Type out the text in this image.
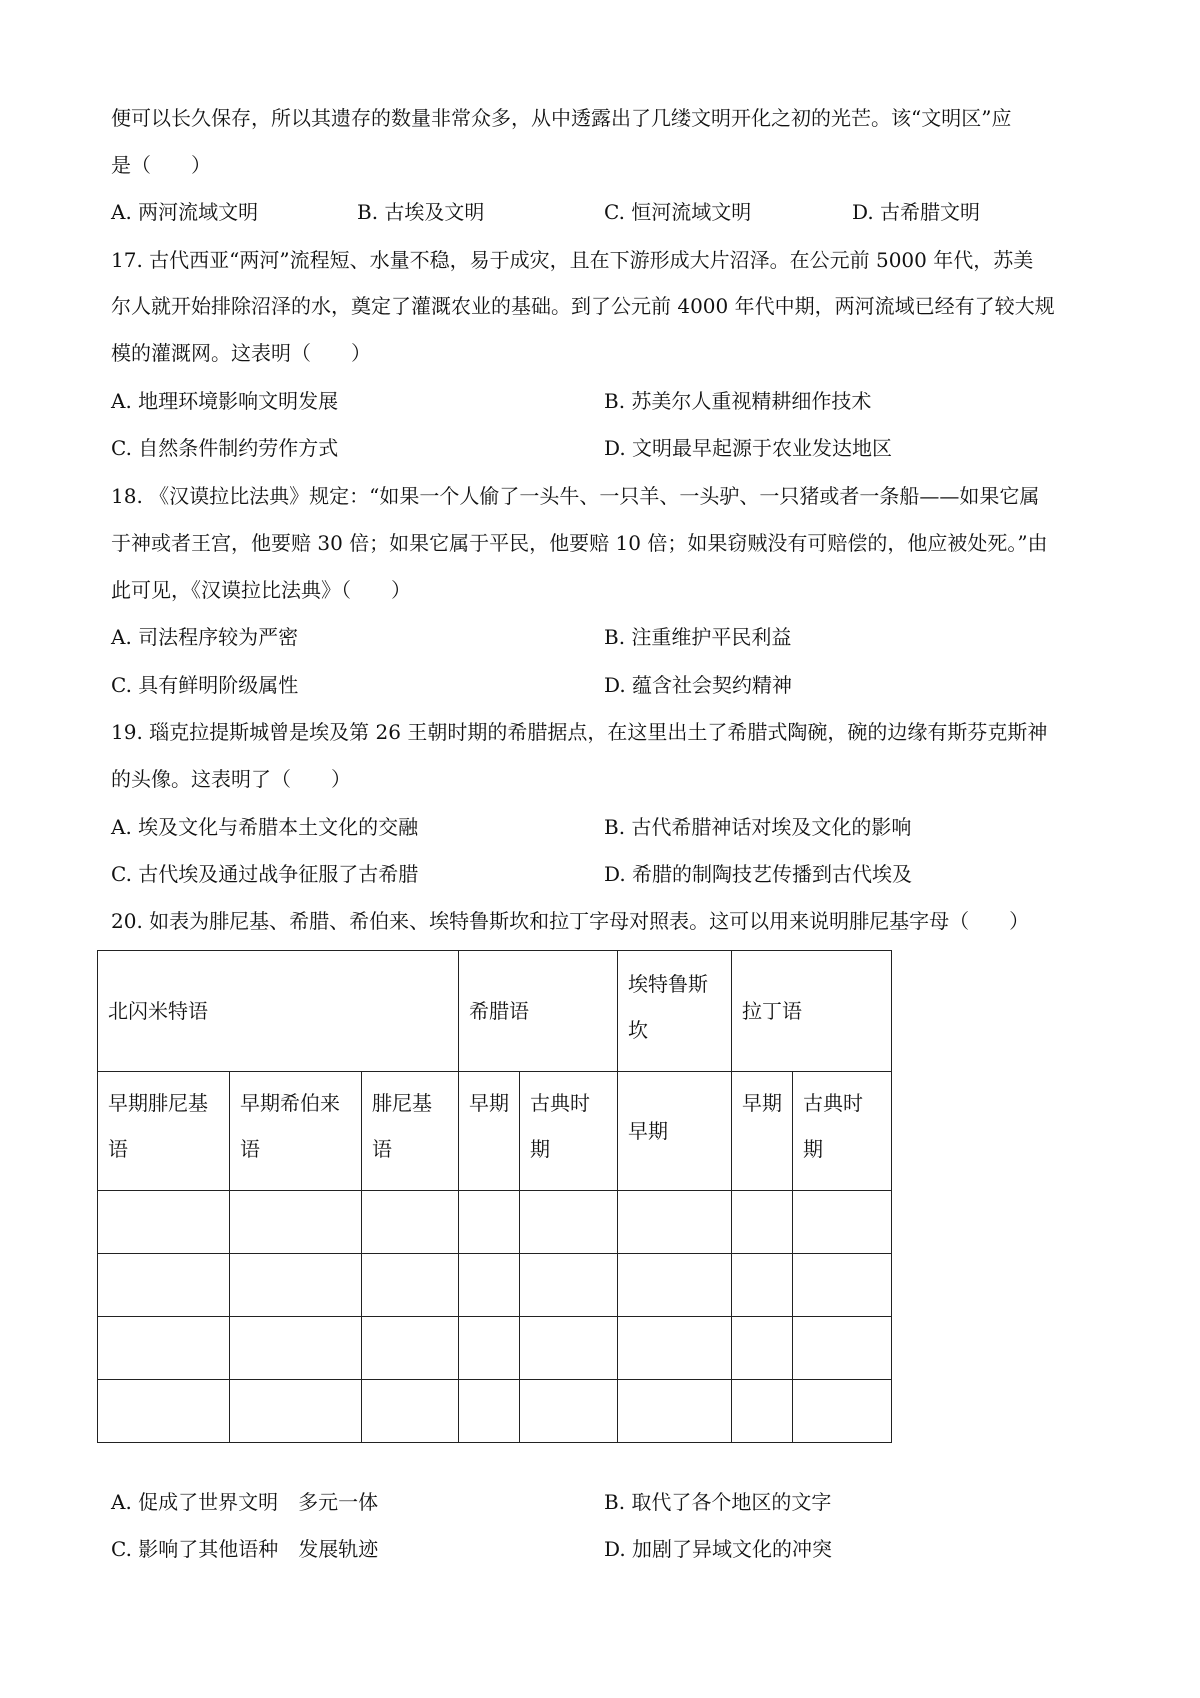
便可以长久保存，所以其遗存的数量非常众多，从中透露出了几缕文明开化之初的光芒。该“文明区”应
是（　　）
A. 两河流域文明	B. 古埃及文明	C. 恒河流域文明	D. 古希腊文明
17. 古代西亚“两河”流程短、水量不稳，易于成灾，且在下游形成大片沼泽。在公元前 5000 年代，苏美
尔人就开始排除沼泽的水，奠定了灌溉农业的基础。到了公元前 4000 年代中期，两河流域已经有了较大规
模的灌溉网。这表明（　　）
A. 地理环境影响文明发展	B. 苏美尔人重视精耕细作技术
C. 自然条件制约劳作方式	D. 文明最早起源于农业发达地区
18. 《汉谟拉比法典》规定：“如果一个人偷了一头牛、一只羊、一头驴、一只猪或者一条船——如果它属
于神或者王宫，他要赔 30 倍；如果它属于平民，他要赔 10 倍；如果窃贼没有可赔偿的，他应被处死。”由
此可见，《汉谟拉比法典》（　　）
A. 司法程序较为严密	B. 注重维护平民利益
C. 具有鲜明阶级属性	D. 蕴含社会契约精神
19. 瑙克拉提斯城曾是埃及第 26 王朝时期的希腊据点，在这里出土了希腊式陶碗，碗的边缘有斯芬克斯神
的头像。这表明了（　　）
A. 埃及文化与希腊本土文化的交融	B. 古代希腊神话对埃及文化的影响
C. 古代埃及通过战争征服了古希腊	D. 希腊的制陶技艺传播到古代埃及
20. 如表为腓尼基、希腊、希伯来、埃特鲁斯坎和拉丁字母对照表。这可以用来说明腓尼基字母（　　）
北闪米特语			希腊语		埃特鲁斯坎	拉丁语	
早期腓尼基语	早期希伯来语	腓尼基语	早期	古典时期	早期	早期	古典时期

A. 促成了世界文明　多元一体	B. 取代了各个地区的文字
C. 影响了其他语种　发展轨迹	D. 加剧了异域文化的冲突
